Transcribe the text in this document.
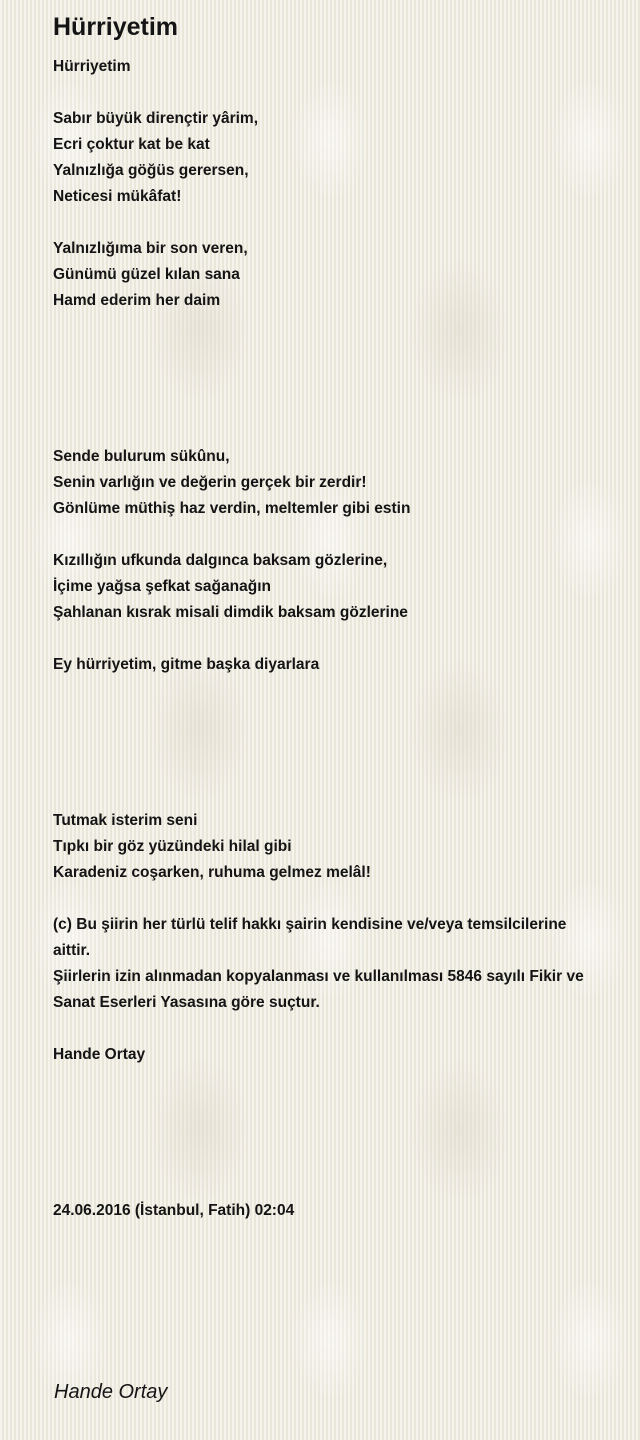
Hürriyetim
Hürriyetim
Sabır büyük dirençtir yârim,
Ecri çoktur kat be kat
Yalnızlığa göğüs gerersen,
Neticesi mükâfat!
Yalnızlığıma bir son veren,
Günümü güzel kılan sana
Hamd ederim her daim
Sende bulurum sükûnu,
Senin varlığın ve değerin gerçek bir zerdir!
Gönlüme müthiş haz verdin, meltemler gibi estin
Kızıllığın ufkunda dalgınca baksam gözlerine,
İçime yağsa şefkat sağanağın
Şahlanan kısrak misali dimdik baksam gözlerine
Ey hürriyetim, gitme başka diyarlara
Tutmak isterim seni
Tıpkı bir göz yüzündeki hilal gibi
Karadeniz coşarken, ruhuma gelmez melâl!
(c) Bu şiirin her türlü telif hakkı şairin kendisine ve/veya temsilcilerine aittir.
Şiirlerin izin alınmadan kopyalanması ve kullanılması 5846 sayılı Fikir ve Sanat Eserleri Yasasına göre suçtur.
Hande Ortay
24.06.2016 (İstanbul, Fatih) 02:04
Hande Ortay
